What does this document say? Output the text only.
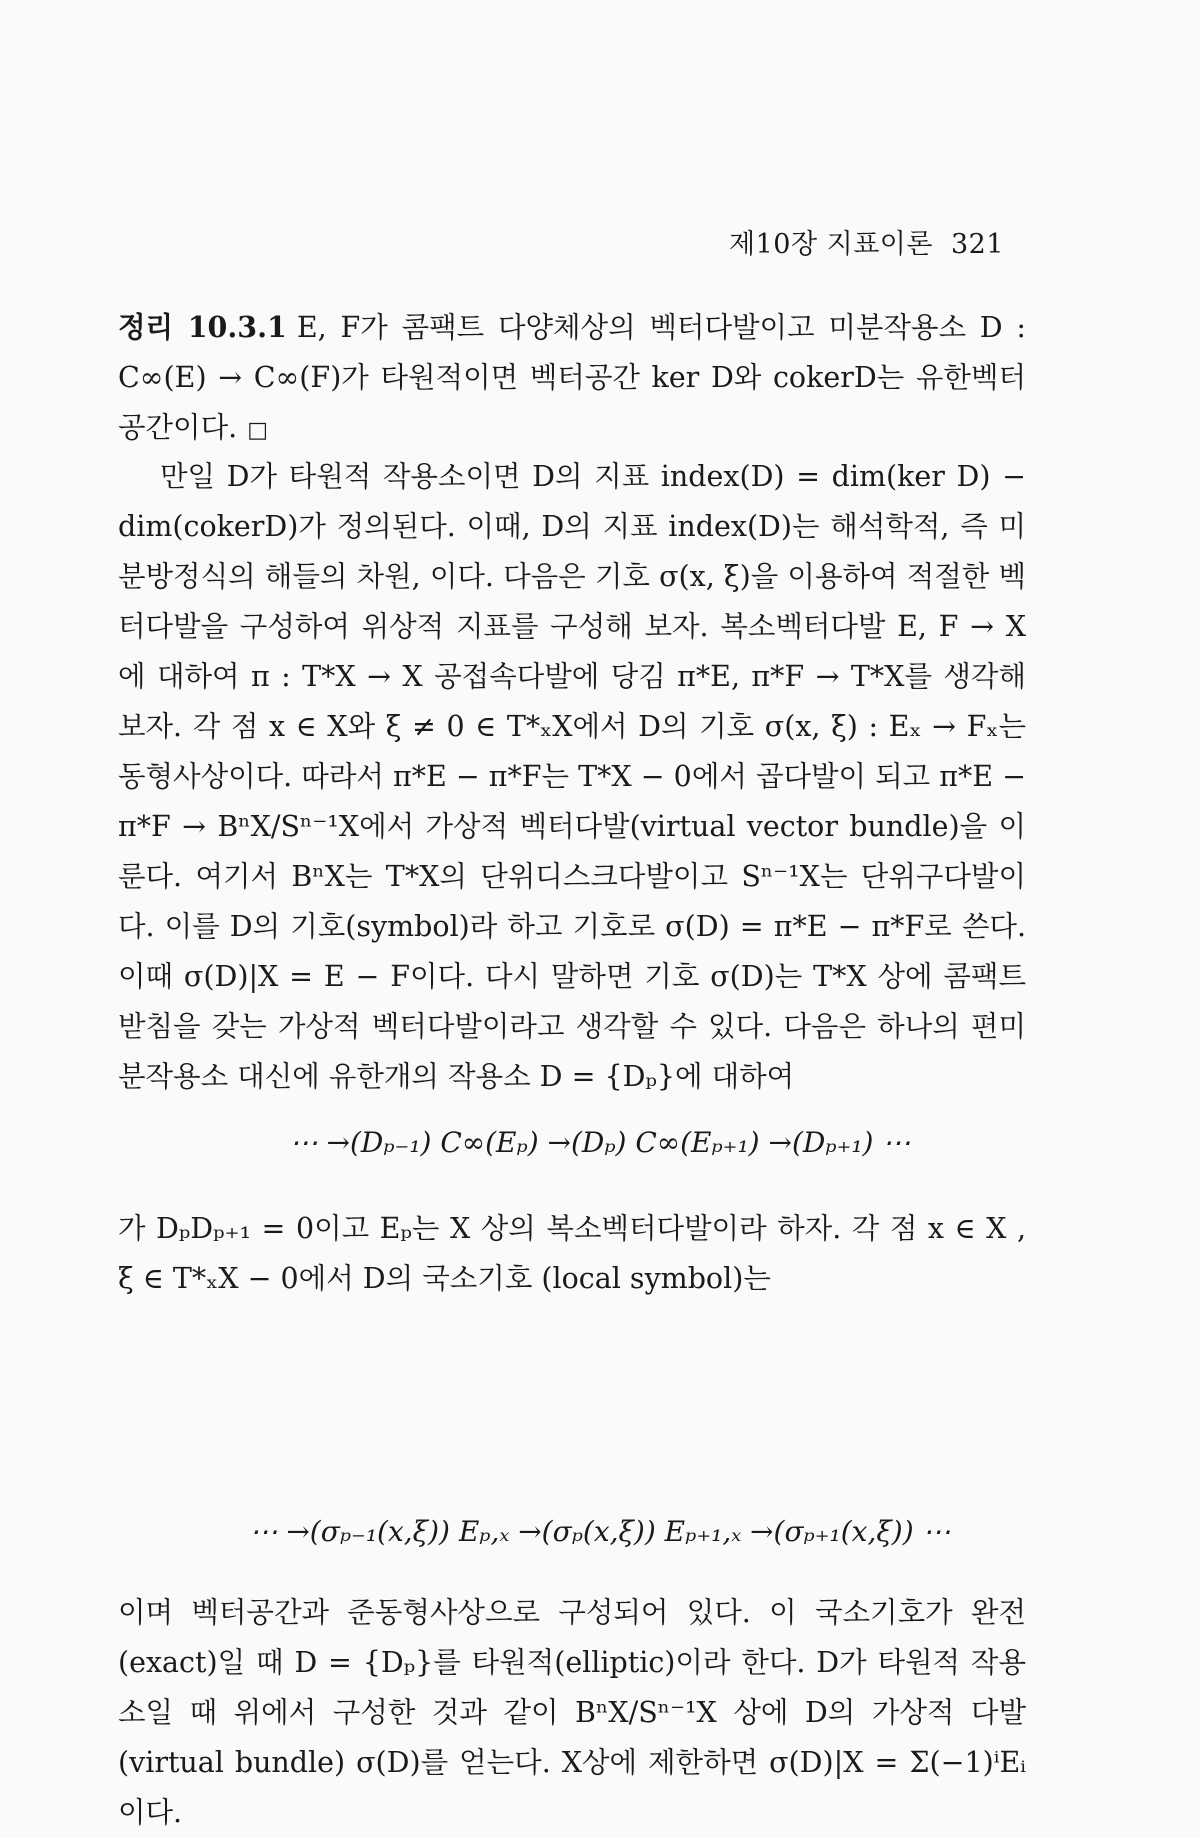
제10장 지표이론 321

정리 10.3.1 E, F가 콤팩트 다양체상의 벡터다발이고 미분작용소 D : C∞(E) → C∞(F)가 타원적이면 벡터공간 ker D와 cokerD는 유한벡터공간이다. □

만일 D가 타원적 작용소이면 D의 지표 index(D) = dim(ker D) − dim(cokerD)가 정의된다. 이때, D의 지표 index(D)는 해석학적, 즉 미분방정식의 해들의 차원, 이다. 다음은 기호 σ(x, ξ)을 이용하여 적절한 벡터다발을 구성하여 위상적 지표를 구성해 보자. 복소벡터다발 E, F → X에 대하여 π : T*X → X 공접속다발에 당김 π*E, π*F → T*X를 생각해 보자. 각 점 x ∈ X와 ξ ≠ 0 ∈ T*ₓX에서 D의 기호 σ(x, ξ) : Eₓ → Fₓ는 동형사상이다. 따라서 π*E − π*F는 T*X − 0에서 곱다발이 되고 π*E − π*F → BⁿX/Sⁿ⁻¹X에서 가상적 벡터다발(virtual vector bundle)을 이룬다. 여기서 BⁿX는 T*X의 단위디스크다발이고 Sⁿ⁻¹X는 단위구다발이다. 이를 D의 기호(symbol)라 하고 기호로 σ(D) = π*E − π*F로 쓴다. 이때 σ(D)|X = E − F이다. 다시 말하면 기호 σ(D)는 T*X 상에 콤팩트 받침을 갖는 가상적 벡터다발이라고 생각할 수 있다. 다음은 하나의 편미분작용소 대신에 유한개의 작용소 D = {Dₚ}에 대하여

⋯ →(Dₚ₋₁) C∞(Eₚ) →(Dₚ) C∞(Eₚ₊₁) →(Dₚ₊₁) ⋯

가 DₚDₚ₊₁ = 0이고 Eₚ는 X 상의 복소벡터다발이라 하자. 각 점 x ∈ X , ξ ∈ T*ₓX − 0에서 D의 국소기호 (local symbol)는

⋯ →(σₚ₋₁(x,ξ)) Eₚ,ₓ →(σₚ(x,ξ)) Eₚ₊₁,ₓ →(σₚ₊₁(x,ξ)) ⋯

이며 벡터공간과 준동형사상으로 구성되어 있다. 이 국소기호가 완전(exact)일 때 D = {Dₚ}를 타원적(elliptic)이라 한다. D가 타원적 작용소일 때 위에서 구성한 것과 같이 BⁿX/Sⁿ⁻¹X 상에 D의 가상적 다발(virtual bundle) σ(D)를 얻는다. X상에 제한하면 σ(D)|X = Σ(−1)ⁱEᵢ이다.
